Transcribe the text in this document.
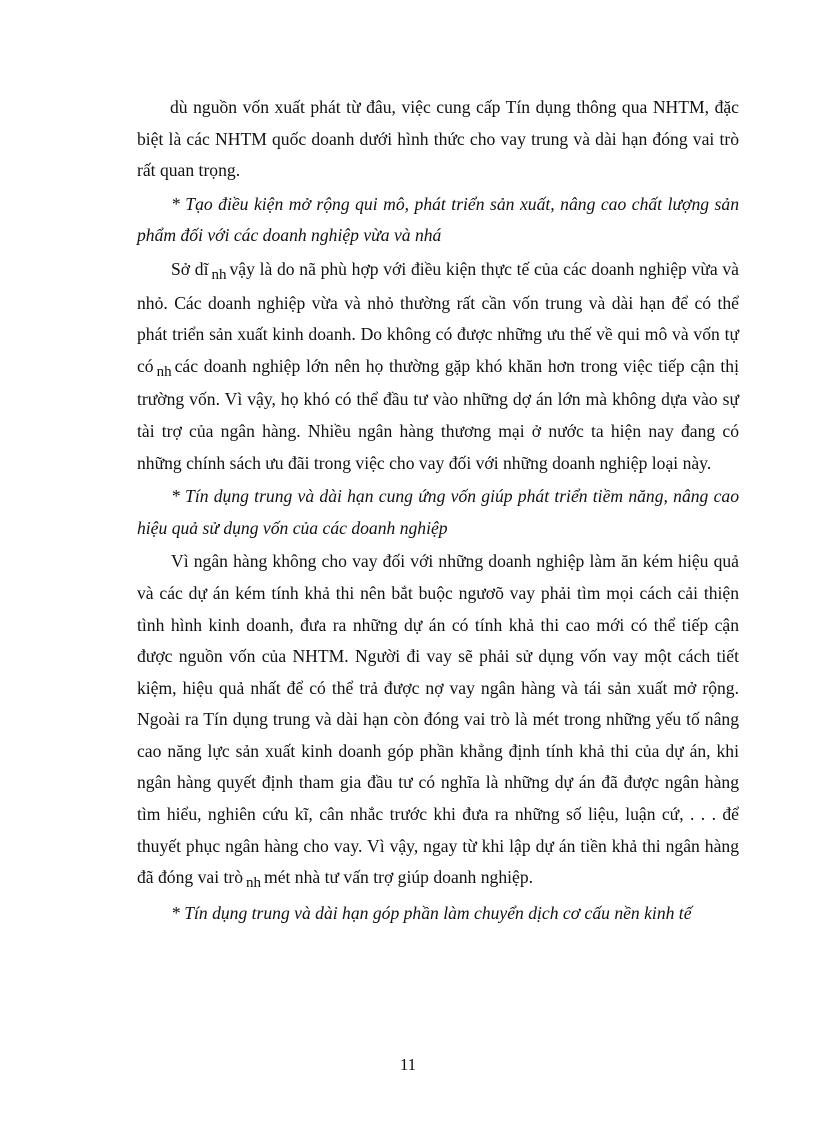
dù nguồn vốn xuất phát từ đâu, việc cung cấp Tín dụng thông qua NHTM, đặc biệt là các NHTM quốc doanh dưới hình thức cho vay trung và dài hạn đóng vai trò rất quan trọng.

* Tạo điều kiện mở rộng qui mô, phát triển sản xuất, nâng cao chất lượng sản phẩm đối với các doanh nghiệp vừa và nhá

Sở dĩ nh vậy là do nã phù hợp với điều kiện thực tế của các doanh nghiệp vừa và nhỏ. Các doanh nghiệp vừa và nhỏ thường rất cần vốn trung và dài hạn để có thể phát triển sản xuất kinh doanh. Do không có được những ưu thế về qui mô và vốn tự có nh các doanh nghiệp lớn nên họ thường gặp khó khăn hơn trong việc tiếp cận thị trường vốn. Vì vậy, họ khó có thể đầu tư vào những dợ án lớn mà không dựa vào sự tài trợ của ngân hàng. Nhiều ngân hàng thương mại ở nước ta hiện nay đang có những chính sách ưu đãi trong việc cho vay đối với những doanh nghiệp loại này.

* Tín dụng trung và dài hạn cung ứng vốn giúp phát triển tiềm năng, nâng cao hiệu quả sử dụng vốn của các doanh nghiệp

Vì ngân hàng không cho vay đối với những doanh nghiệp làm ăn kém hiệu quả và các dự án kém tính khả thi nên bắt buộc ngươõ vay phải tìm mọi cách cải thiện tình hình kinh doanh, đưa ra những dự án có tính khả thi cao mới có thể tiếp cận được nguồn vốn của NHTM. Người đi vay sẽ phải sử dụng vốn vay một cách tiết kiệm, hiệu quả nhất để có thể trả được nợ vay ngân hàng và tái sản xuất mở rộng. Ngoài ra Tín dụng trung và dài hạn còn đóng vai trò là mét trong những yếu tố nâng cao năng lực sản xuất kinh doanh góp phần khẳng định tính khả thi của dự án, khi ngân hàng quyết định tham gia đầu tư có nghĩa là những dự án đã được ngân hàng tìm hiểu, nghiên cứu kĩ, cân nhắc trước khi đưa ra những số liệu, luận cứ, . . . để thuyết phục ngân hàng cho vay. Vì vậy, ngay từ khi lập dự án tiền khả thi ngân hàng đã đóng vai trò nh mét nhà tư vấn trợ giúp doanh nghiệp.

* Tín dụng trung và dài hạn góp phần làm chuyển dịch cơ cấu nền kinh tế

11
